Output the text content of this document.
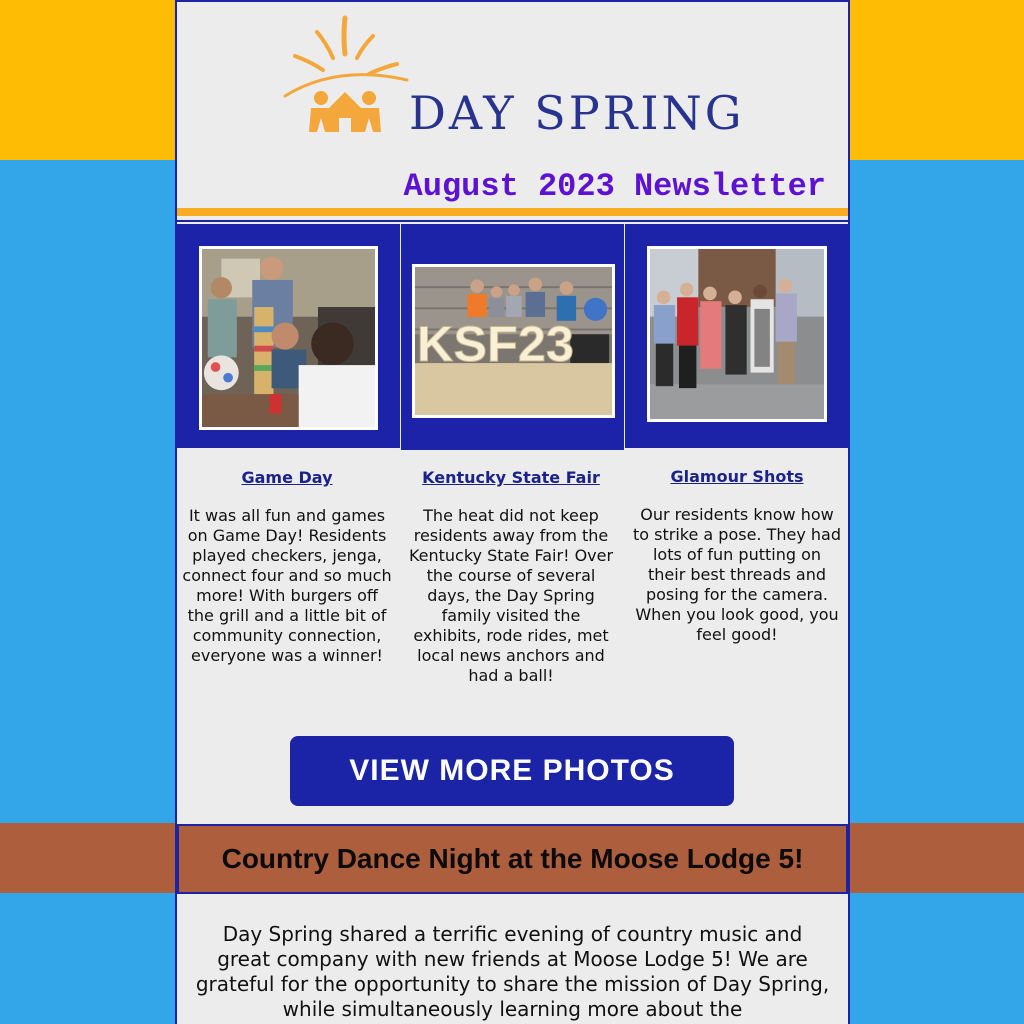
DAY SPRING
August 2023 Newsletter
KSF23
Game Day
It was all fun and games on Game Day! Residents played checkers, jenga, connect four and so much more! With burgers off the grill and a little bit of community connection, everyone was a winner!
Kentucky State Fair
The heat did not keep residents away from the Kentucky State Fair! Over the course of several days, the Day Spring family visited the exhibits, rode rides, met local news anchors and had a ball!
Glamour Shots
Our residents know how to strike a pose. They had lots of fun putting on their best threads and posing for the camera. When you look good, you feel good!
VIEW MORE PHOTOS
Country Dance Night at the Moose Lodge 5!
Day Spring shared a terrific evening of country music and great company with new friends at Moose Lodge 5! We are grateful for the opportunity to share the mission of Day Spring, while simultaneously learning more about the
